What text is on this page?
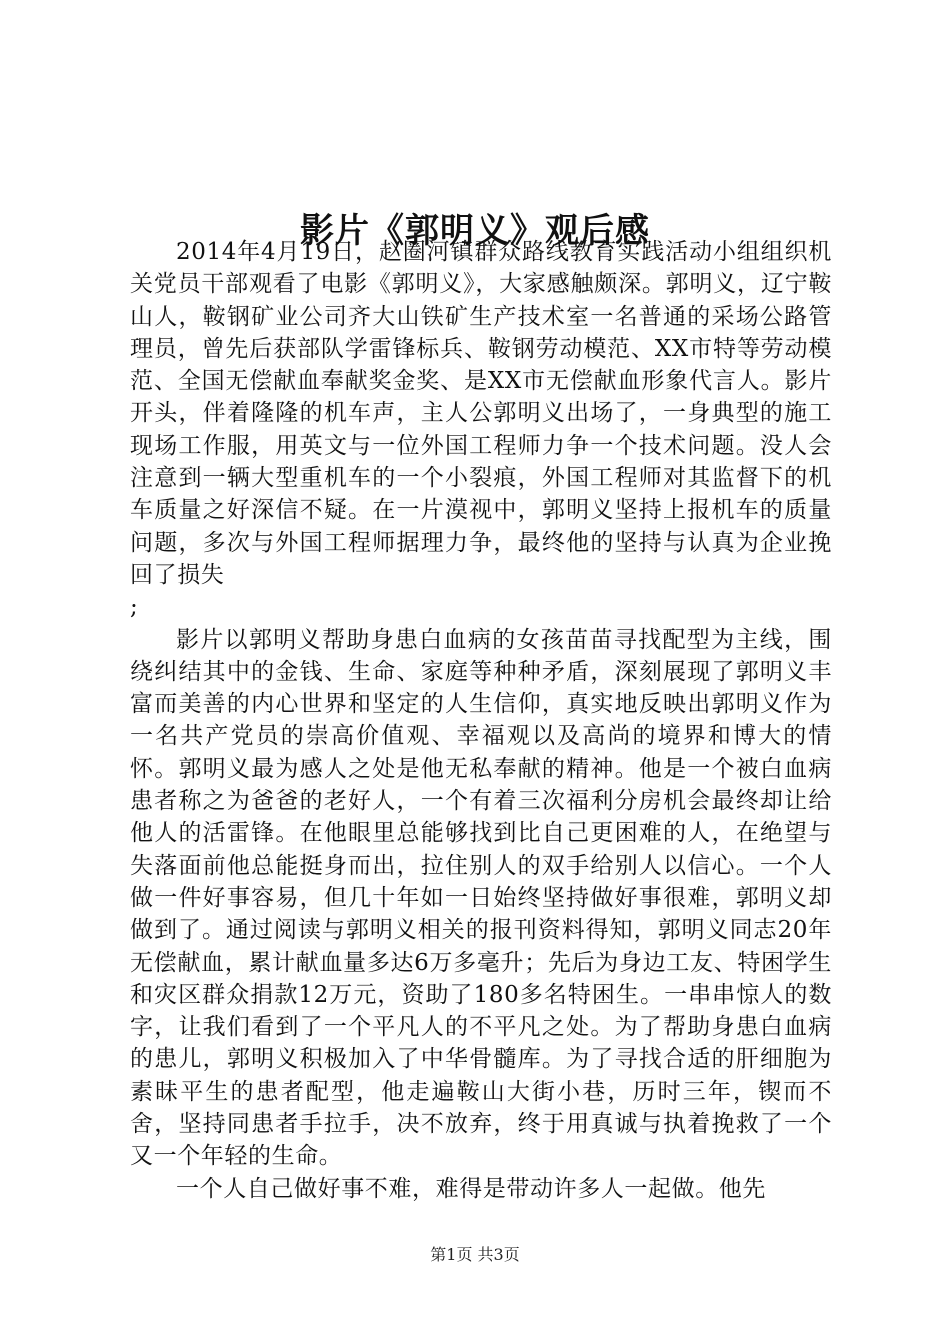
影片《郭明义》观后感

2014年4月19日，赵圈河镇群众路线教育实践活动小组组织机关党员干部观看了电影《郭明义》，大家感触颇深。郭明义，辽宁鞍山人，鞍钢矿业公司齐大山铁矿生产技术室一名普通的采场公路管理员，曾先后获部队学雷锋标兵、鞍钢劳动模范、XX市特等劳动模范、全国无偿献血奉献奖金奖、是XX市无偿献血形象代言人。影片开头，伴着隆隆的机车声，主人公郭明义出场了，一身典型的施工现场工作服，用英文与一位外国工程师力争一个技术问题。没人会注意到一辆大型重机车的一个小裂痕，外国工程师对其监督下的机车质量之好深信不疑。在一片漠视中，郭明义坚持上报机车的质量问题，多次与外国工程师据理力争，最终他的坚持与认真为企业挽回了损失

;

影片以郭明义帮助身患白血病的女孩苗苗寻找配型为主线，围绕纠结其中的金钱、生命、家庭等种种矛盾，深刻展现了郭明义丰富而美善的内心世界和坚定的人生信仰，真实地反映出郭明义作为一名共产党员的崇高价值观、幸福观以及高尚的境界和博大的情怀。郭明义最为感人之处是他无私奉献的精神。他是一个被白血病患者称之为爸爸的老好人，一个有着三次福利分房机会最终却让给他人的活雷锋。在他眼里总能够找到比自己更困难的人，在绝望与失落面前他总能挺身而出，拉住别人的双手给别人以信心。一个人做一件好事容易，但几十年如一日始终坚持做好事很难，郭明义却做到了。通过阅读与郭明义相关的报刊资料得知，郭明义同志20年无偿献血，累计献血量多达6万多毫升；先后为身边工友、特困学生和灾区群众捐款12万元，资助了180多名特困生。一串串惊人的数字，让我们看到了一个平凡人的不平凡之处。为了帮助身患白血病的患儿，郭明义积极加入了中华骨髓库。为了寻找合适的肝细胞为素昧平生的患者配型，他走遍鞍山大街小巷，历时三年，锲而不舍，坚持同患者手拉手，决不放弃，终于用真诚与执着挽救了一个又一个年轻的生命。

一个人自己做好事不难，难得是带动许多人一起做。他先

第1页 共3页
